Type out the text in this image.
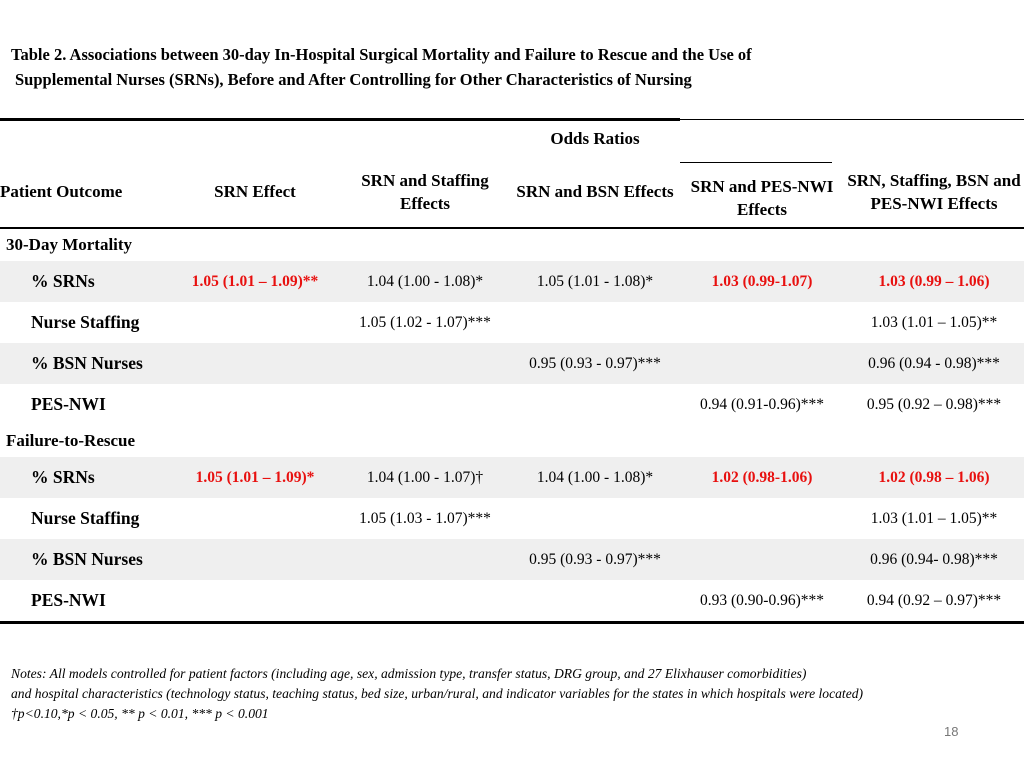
Table 2. Associations between 30-day In-Hospital Surgical Mortality and Failure to Rescue and the Use of
Supplemental Nurses (SRNs), Before and After Controlling for Other Characteristics of Nursing
			Odds Ratios		
Patient Outcome	SRN Effect	SRN and Staffing Effects	SRN and BSN Effects	SRN and PES-NWI Effects	SRN, Staffing, BSN and PES-NWI Effects
30-Day Mortality					
% SRNs	1.05 (1.01 – 1.09)**	1.04 (1.00 - 1.08)*	1.05 (1.01 - 1.08)*	1.03 (0.99-1.07)	1.03 (0.99 – 1.06)
Nurse Staffing		1.05 (1.02 - 1.07)***			1.03 (1.01 – 1.05)**
% BSN Nurses			0.95 (0.93 - 0.97)***		0.96 (0.94 - 0.98)***
PES-NWI				0.94 (0.91-0.96)***	0.95 (0.92 – 0.98)***
Failure-to-Rescue					
% SRNs	1.05 (1.01 – 1.09)*	1.04 (1.00 - 1.07)†	1.04 (1.00 - 1.08)*	1.02 (0.98-1.06)	1.02 (0.98 – 1.06)
Nurse Staffing		1.05 (1.03 - 1.07)***			1.03 (1.01 – 1.05)**
% BSN Nurses			0.95 (0.93 - 0.97)***		0.96 (0.94- 0.98)***
PES-NWI				0.93 (0.90-0.96)***	0.94 (0.92 – 0.97)***
Notes: All models controlled for patient factors (including age, sex, admission type, transfer status, DRG group, and 27 Elixhauser comorbidities)
and hospital characteristics (technology status, teaching status, bed size, urban/rural, and indicator variables for the states in which hospitals were located)
†p<0.10,*p < 0.05, ** p < 0.01, *** p < 0.001
18
